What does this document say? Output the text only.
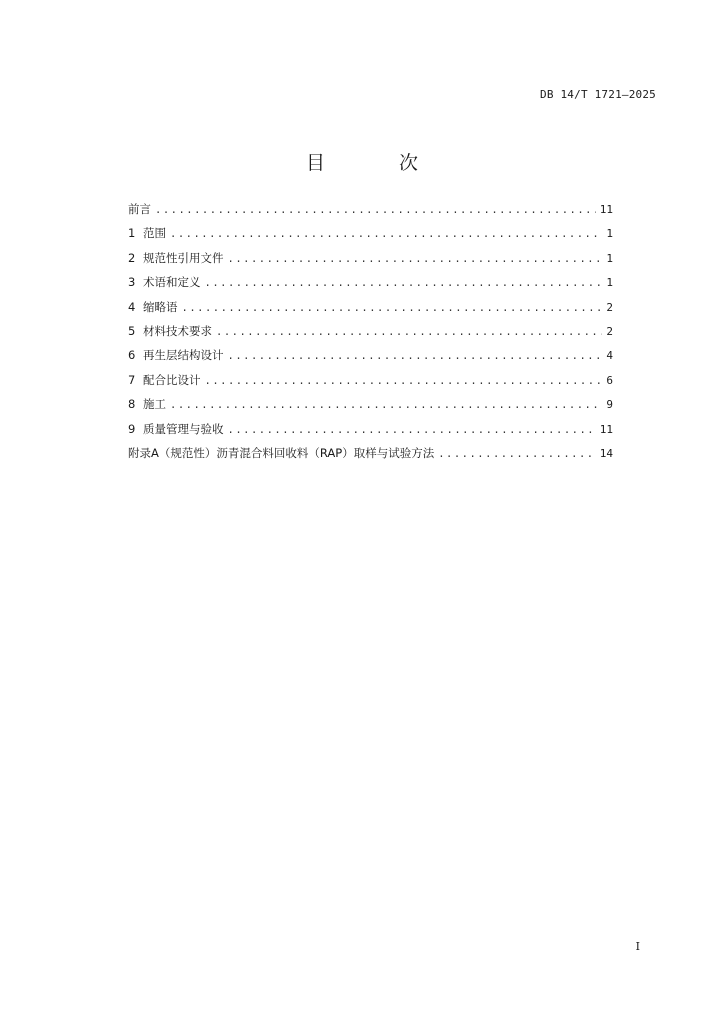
DB 14/T 1721—2025
目 次
前言 .....	11
1 范围 .....	1
2 规范性引用文件 .....	1
3 术语和定义 .....	1
4 缩略语 .....	2
5 材料技术要求 .....	2
6 再生层结构设计 .....	4
7 配合比设计 .....	6
8 施工 .....	9
9 质量管理与验收 .....	11
附录A（规范性）沥青混合料回收料（RAP）取样与试验方法 .....	14
I
